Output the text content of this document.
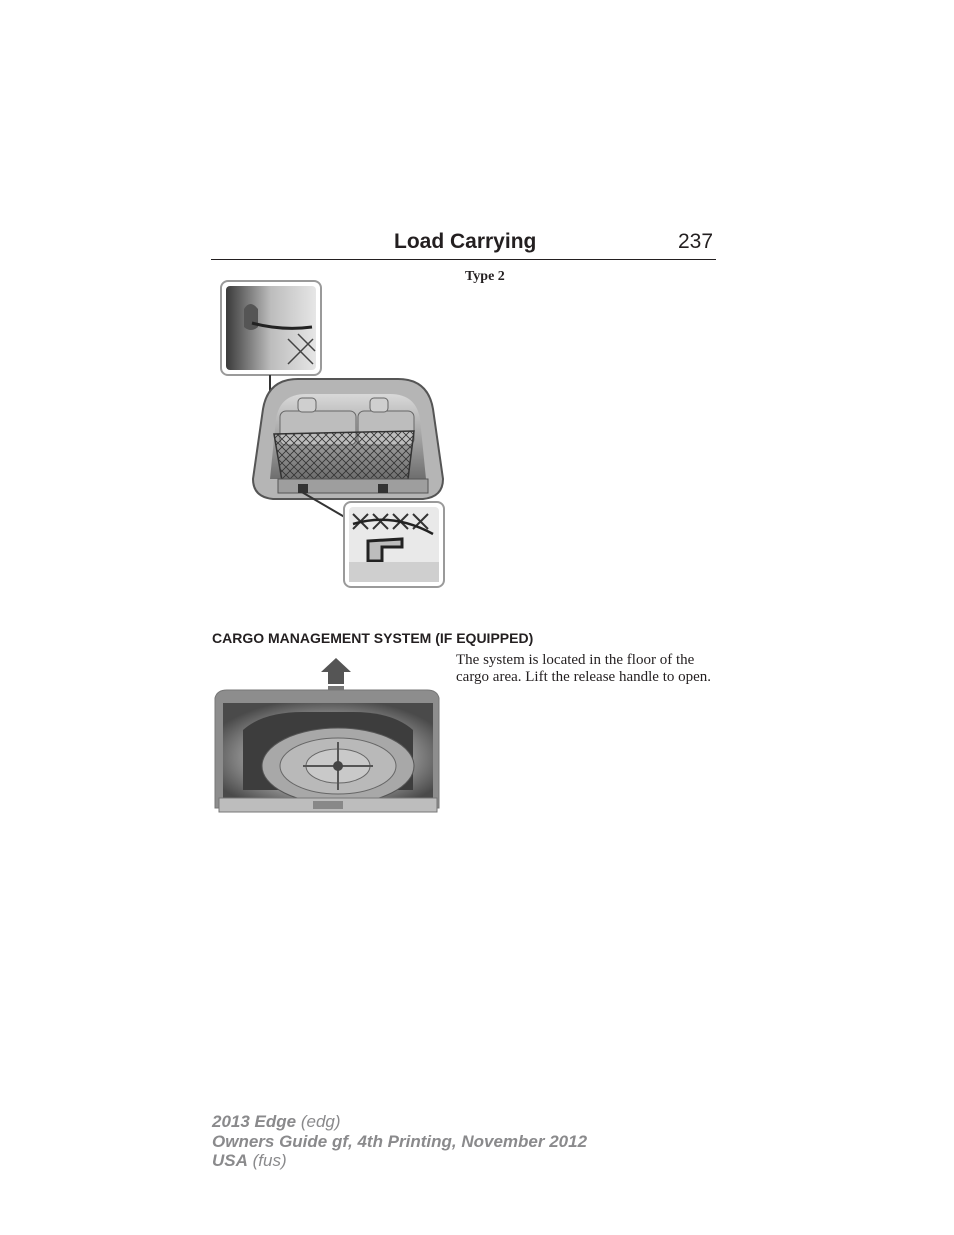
Load Carrying	237
Type 2
CARGO MANAGEMENT SYSTEM (IF EQUIPPED)

The system is located in the floor of the cargo area. Lift the release handle to open.

2013 Edge (edg)
Owners Guide gf, 4th Printing, November 2012
USA (fus)
